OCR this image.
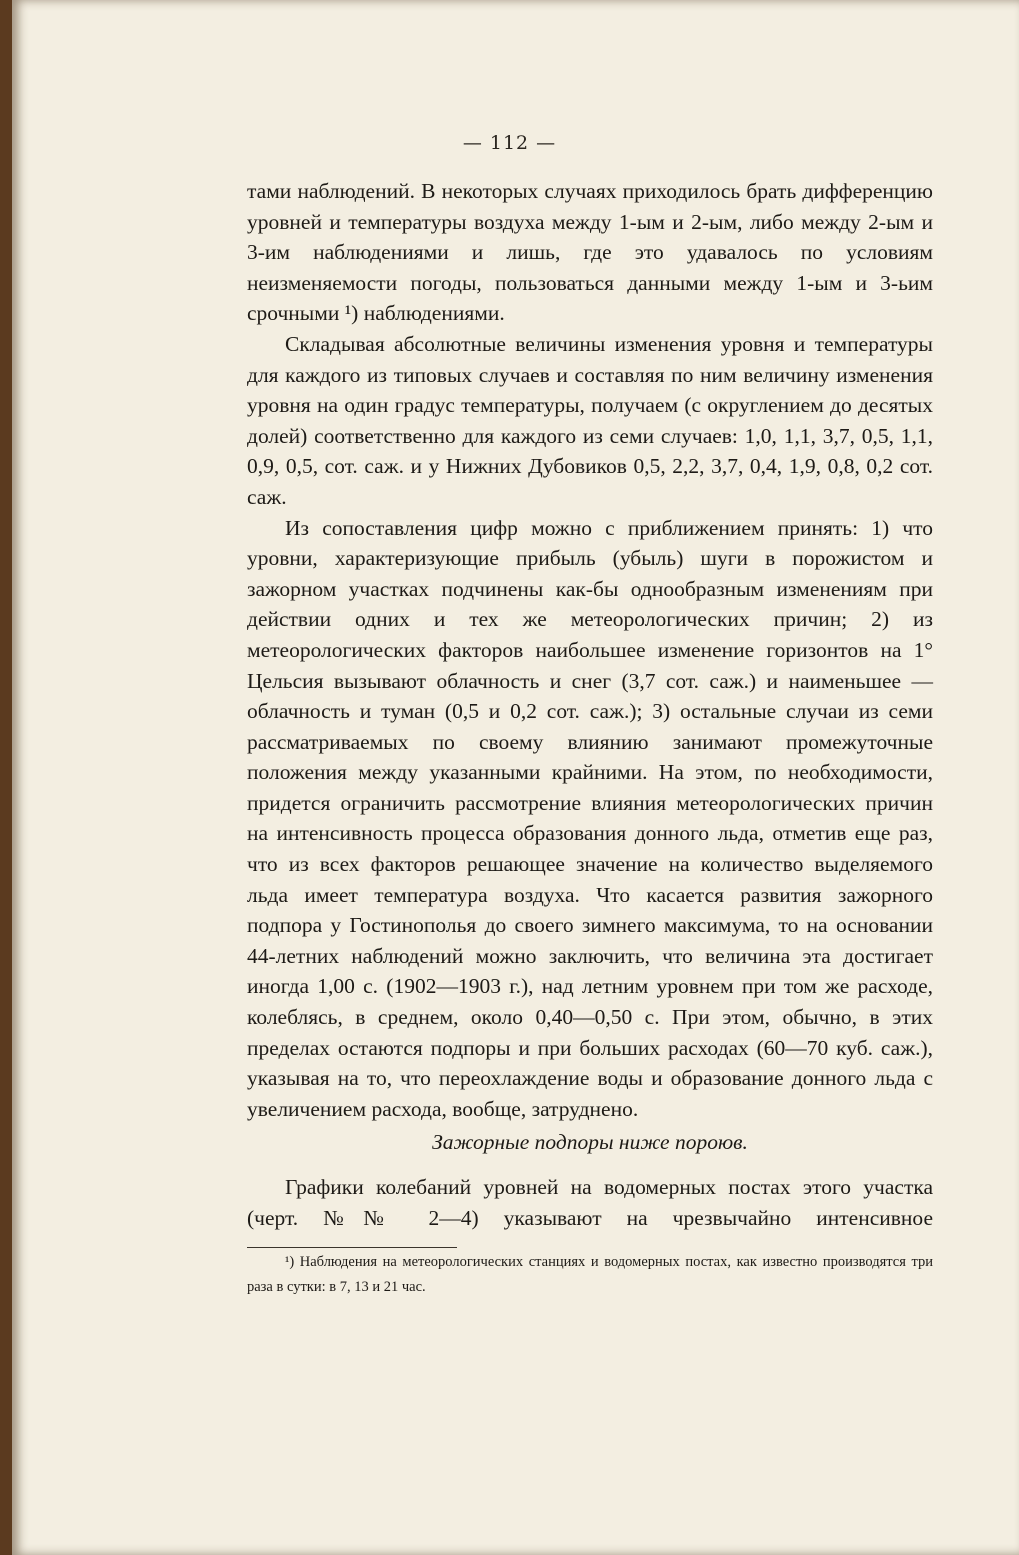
— 112 —

тами наблюдений. В некоторых случаях приходилось брать дифференцию уровней и температуры воздуха между 1-ым и 2-ым, либо между 2-ым и 3-им наблюдениями и лишь, где это удавалось по условиям неизменяемости погоды, пользоваться данными между 1-ым и 3-ьим срочными ¹) наблюдениями.

Складывая абсолютные величины изменения уровня и температуры для каждого из типовых случаев и составляя по ним величину изменения уровня на один градус температуры, получаем (с округлением до десятых долей) соответственно для каждого из семи случаев: 1,0, 1,1, 3,7, 0,5, 1,1, 0,9, 0,5, сот. саж. и у Нижних Дубовиков 0,5, 2,2, 3,7, 0,4, 1,9, 0,8, 0,2 сот. саж.

Из сопоставления цифр можно с приближением принять: 1) что уровни, характеризующие прибыль (убыль) шуги в порожистом и зажорном участках подчинены как-бы однообразным изменениям при действии одних и тех же метеорологических причин; 2) из метеорологических факторов наибольшее изменение горизонтов на 1° Цельсия вызывают облачность и снег (3,7 сот. саж.) и наименьшее — облачность и туман (0,5 и 0,2 сот. саж.); 3) остальные случаи из семи рассматриваемых по своему влиянию занимают промежуточные положения между указанными крайними. На этом, по необходимости, придется ограничить рассмотрение влияния метеорологических причин на интенсивность процесса образования донного льда, отметив еще раз, что из всех факторов решающее значение на количество выделяемого льда имеет температура воздуха. Что касается развития зажорного подпора у Гостинополья до своего зимнего максимума, то на основании 44-летних наблюдений можно заключить, что величина эта достигает иногда 1,00 с. (1902—1903 г.), над летним уровнем при том же расходе, колеблясь, в среднем, около 0,40—0,50 с. При этом, обычно, в этих пределах остаются подпоры и при больших расходах (60—70 куб. саж.), указывая на то, что переохлаждение воды и образование донного льда с увеличением расхода, вообще, затруднено.

Зажорные подпоры ниже пороюв.

Графики колебаний уровней на водомерных постах этого участка (черт. №№ 2—4) указывают на чрезвычайно интенсивное

¹) Наблюдения на метеорологических станциях и водомерных постах, как известно производятся три раза в сутки: в 7, 13 и 21 час.
